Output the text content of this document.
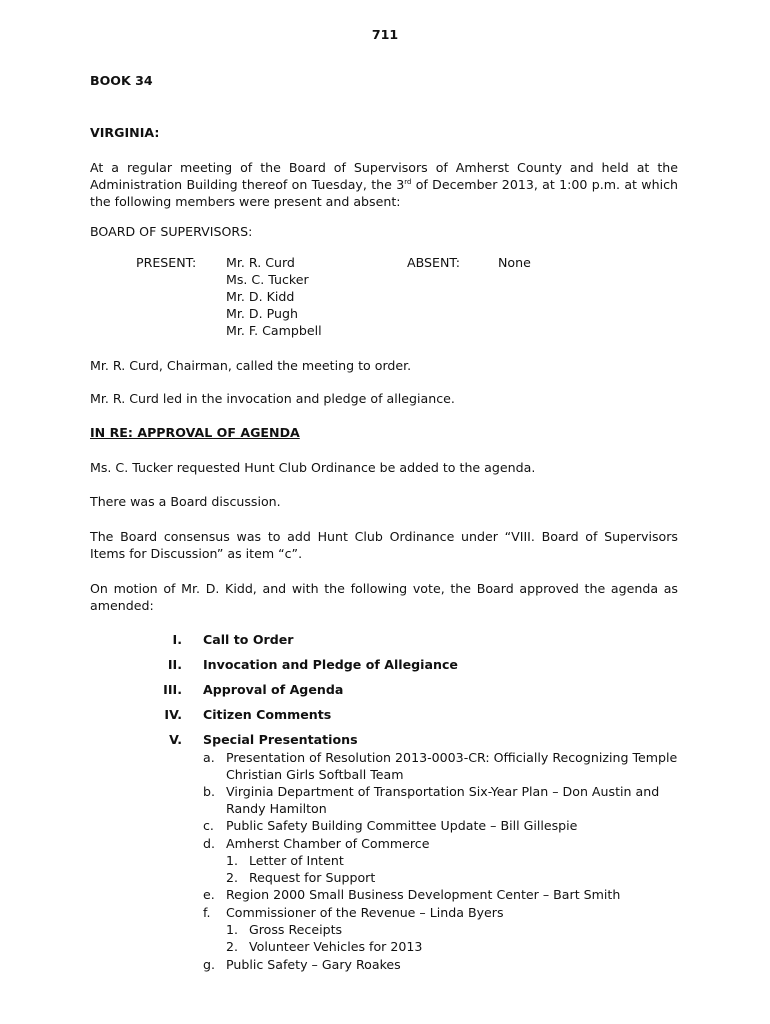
711
BOOK 34
VIRGINIA:
At a regular meeting of the Board of Supervisors of Amherst County and held at the Administration Building thereof on Tuesday, the 3rd of December 2013, at 1:00 p.m. at which the following members were present and absent:
BOARD OF SUPERVISORS:
PRESENT: Mr. R. Curd
Ms. C. Tucker
Mr. D. Kidd
Mr. D. Pugh
Mr. F. Campbell
ABSENT:	None
Mr. R. Curd, Chairman, called the meeting to order.
Mr. R. Curd led in the invocation and pledge of allegiance.
IN RE: APPROVAL OF AGENDA
Ms. C. Tucker requested Hunt Club Ordinance be added to the agenda.
There was a Board discussion.
The Board consensus was to add Hunt Club Ordinance under “VIII. Board of Supervisors Items for Discussion” as item “c”.
On motion of Mr. D. Kidd, and with the following vote, the Board approved the agenda as amended:
I. Call to Order
II. Invocation and Pledge of Allegiance
III. Approval of Agenda
IV. Citizen Comments
V. Special Presentations
a. Presentation of Resolution 2013-0003-CR: Officially Recognizing Temple Christian Girls Softball Team
b. Virginia Department of Transportation Six-Year Plan – Don Austin and Randy Hamilton
c. Public Safety Building Committee Update – Bill Gillespie
d. Amherst Chamber of Commerce
1. Letter of Intent
2. Request for Support
e. Region 2000 Small Business Development Center – Bart Smith
f. Commissioner of the Revenue – Linda Byers
1. Gross Receipts
2. Volunteer Vehicles for 2013
g. Public Safety – Gary Roakes
